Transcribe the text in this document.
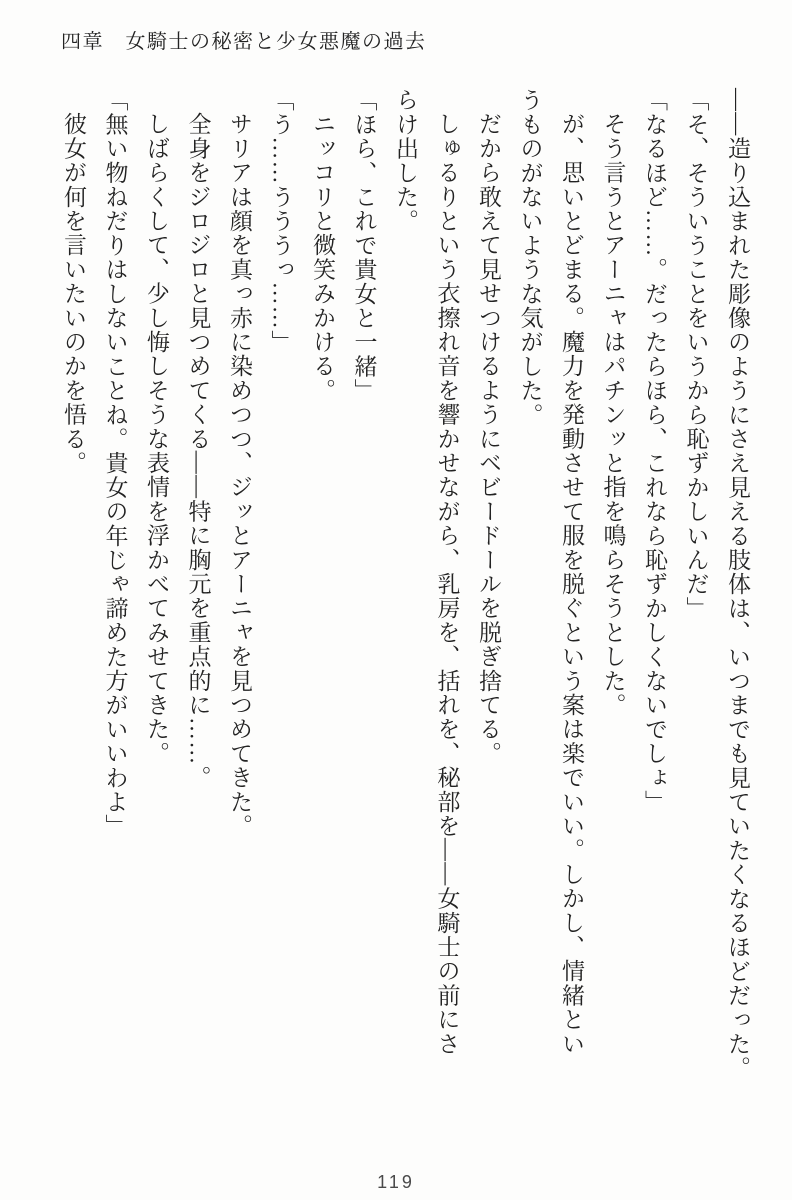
四章　女騎士の秘密と少女悪魔の過去
――造り込まれた彫像のようにさえ見える肢体は、いつまでも見ていたくなるほどだった。
「そ、そういうことをいうから恥ずかしいんだ」
「なるほど……。だったらほら、これなら恥ずかしくないでしょ」
そう言うとアーニャはパチンッと指を鳴らそうとした。
が、思いとどまる。魔力を発動させて服を脱ぐという案は楽でいい。しかし、情緒とい
うものがないような気がした。
だから敢えて見せつけるようにベビードールを脱ぎ捨てる。
しゅるりという衣擦れ音を響かせながら、乳房を、括れを、秘部を――女騎士の前にさ
らけ出した。
「ほら、これで貴女と一緒」
ニッコリと微笑みかける。
「う……うううっ……」
サリアは顔を真っ赤に染めつつ、ジッとアーニャを見つめてきた。
全身をジロジロと見つめてくる――特に胸元を重点的に……。
しばらくして、少し悔しそうな表情を浮かべてみせてきた。
「無い物ねだりはしないことね。貴女の年じゃ諦めた方がいいわよ」
彼女が何を言いたいのかを悟る。
119
